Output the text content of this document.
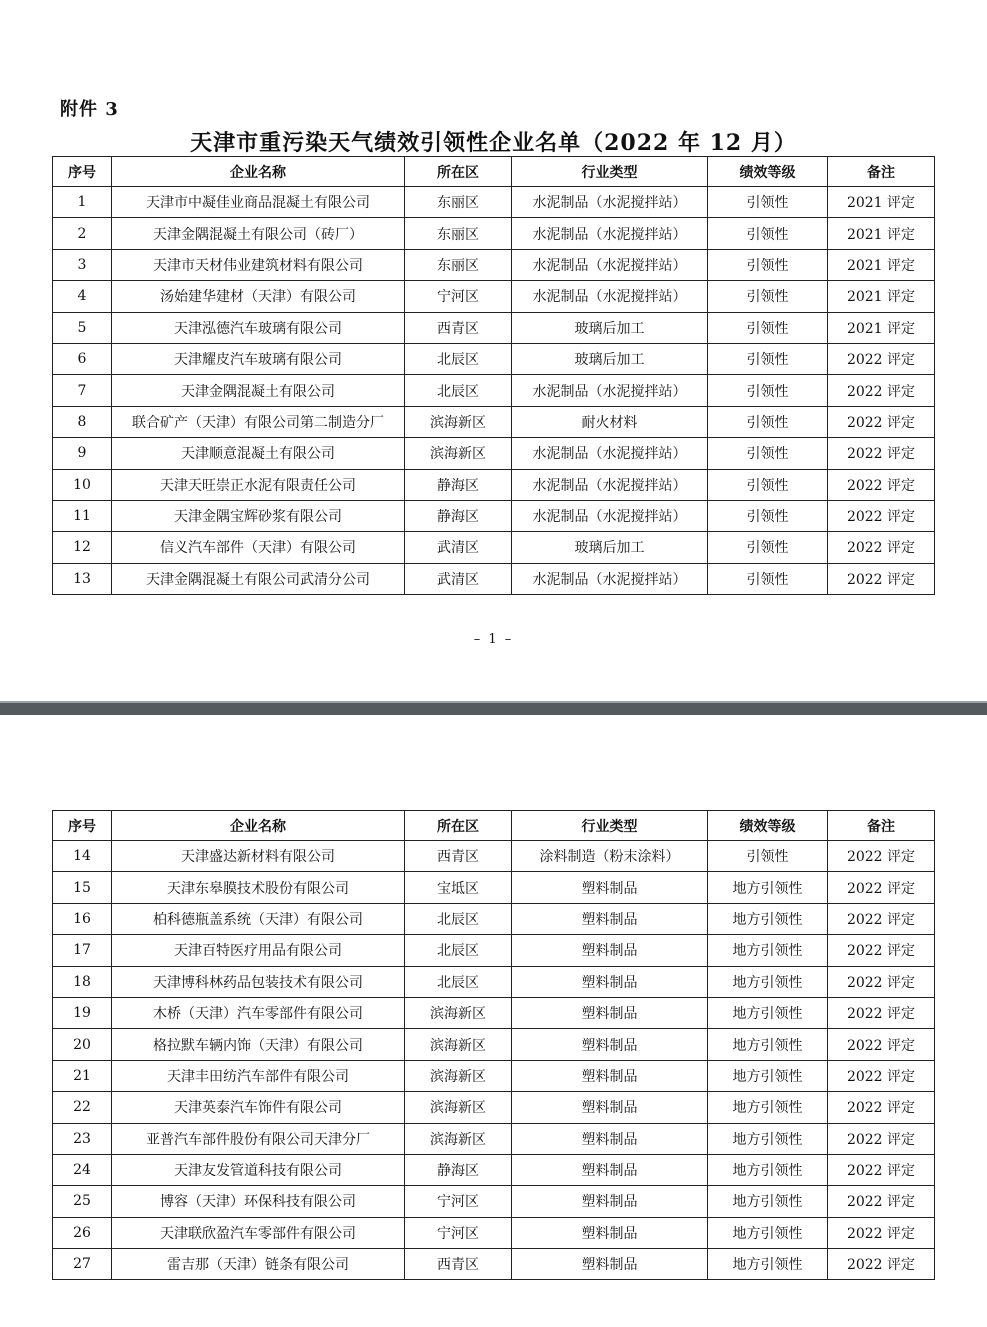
附件 3
天津市重污染天气绩效引领性企业名单（2022 年 12 月）
序号	企业名称	所在区	行业类型	绩效等级	备注
1	天津市中凝佳业商品混凝土有限公司	东丽区	水泥制品（水泥搅拌站）	引领性	2021 评定
2	天津金隅混凝土有限公司（砖厂）	东丽区	水泥制品（水泥搅拌站）	引领性	2021 评定
3	天津市天材伟业建筑材料有限公司	东丽区	水泥制品（水泥搅拌站）	引领性	2021 评定
4	汤始建华建材（天津）有限公司	宁河区	水泥制品（水泥搅拌站）	引领性	2021 评定
5	天津泓德汽车玻璃有限公司	西青区	玻璃后加工	引领性	2021 评定
6	天津耀皮汽车玻璃有限公司	北辰区	玻璃后加工	引领性	2022 评定
7	天津金隅混凝土有限公司	北辰区	水泥制品（水泥搅拌站）	引领性	2022 评定
8	联合矿产（天津）有限公司第二制造分厂	滨海新区	耐火材料	引领性	2022 评定
9	天津顺意混凝土有限公司	滨海新区	水泥制品（水泥搅拌站）	引领性	2022 评定
10	天津天旺崇正水泥有限责任公司	静海区	水泥制品（水泥搅拌站）	引领性	2022 评定
11	天津金隅宝辉砂浆有限公司	静海区	水泥制品（水泥搅拌站）	引领性	2022 评定
12	信义汽车部件（天津）有限公司	武清区	玻璃后加工	引领性	2022 评定
13	天津金隅混凝土有限公司武清分公司	武清区	水泥制品（水泥搅拌站）	引领性	2022 评定
– 1 –
序号	企业名称	所在区	行业类型	绩效等级	备注
14	天津盛达新材料有限公司	西青区	涂料制造（粉末涂料）	引领性	2022 评定
15	天津东皋膜技术股份有限公司	宝坻区	塑料制品	地方引领性	2022 评定
16	柏科德瓶盖系统（天津）有限公司	北辰区	塑料制品	地方引领性	2022 评定
17	天津百特医疗用品有限公司	北辰区	塑料制品	地方引领性	2022 评定
18	天津博科林药品包装技术有限公司	北辰区	塑料制品	地方引领性	2022 评定
19	木桥（天津）汽车零部件有限公司	滨海新区	塑料制品	地方引领性	2022 评定
20	格拉默车辆内饰（天津）有限公司	滨海新区	塑料制品	地方引领性	2022 评定
21	天津丰田纺汽车部件有限公司	滨海新区	塑料制品	地方引领性	2022 评定
22	天津英泰汽车饰件有限公司	滨海新区	塑料制品	地方引领性	2022 评定
23	亚普汽车部件股份有限公司天津分厂	滨海新区	塑料制品	地方引领性	2022 评定
24	天津友发管道科技有限公司	静海区	塑料制品	地方引领性	2022 评定
25	博容（天津）环保科技有限公司	宁河区	塑料制品	地方引领性	2022 评定
26	天津联欣盈汽车零部件有限公司	宁河区	塑料制品	地方引领性	2022 评定
27	雷吉那（天津）链条有限公司	西青区	塑料制品	地方引领性	2022 评定
